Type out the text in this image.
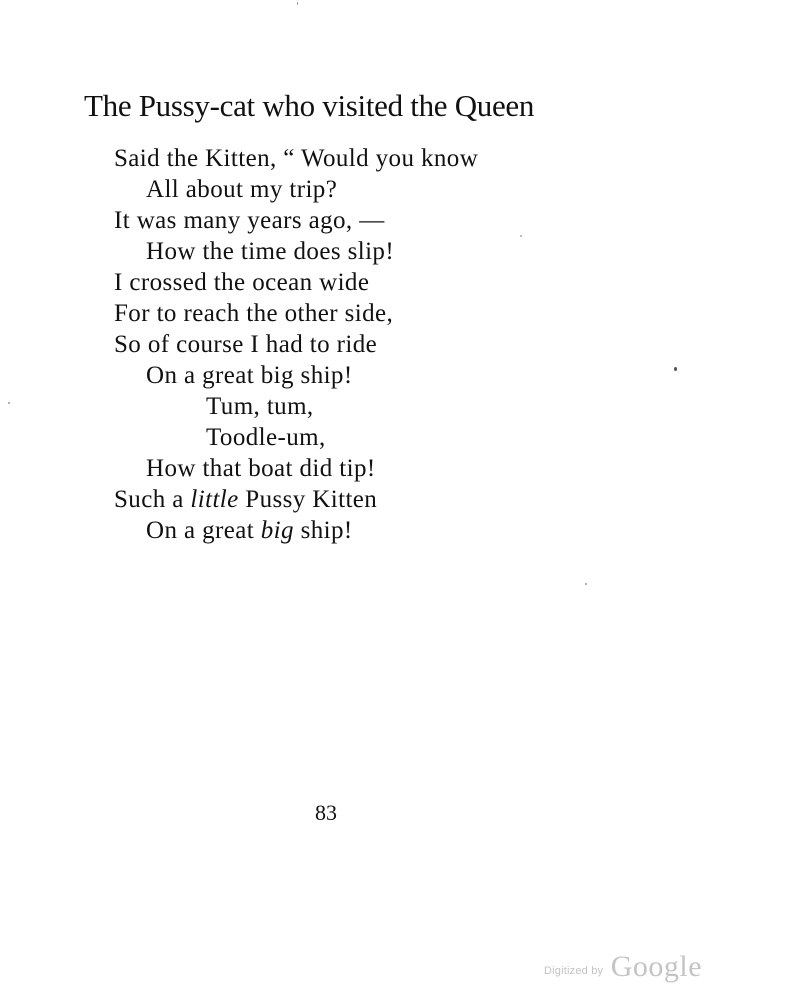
The Pussy-cat who visited the Queen
Said the Kitten, “ Would you know
All about my trip?
It was many years ago, —
How the time does slip!
I crossed the ocean wide
For to reach the other side,
So of course I had to ride
On a great big ship!
Tum, tum,
Toodle-um,
How that boat did tip!
Such a little Pussy Kitten
On a great big ship!
83
Digitized by Google
